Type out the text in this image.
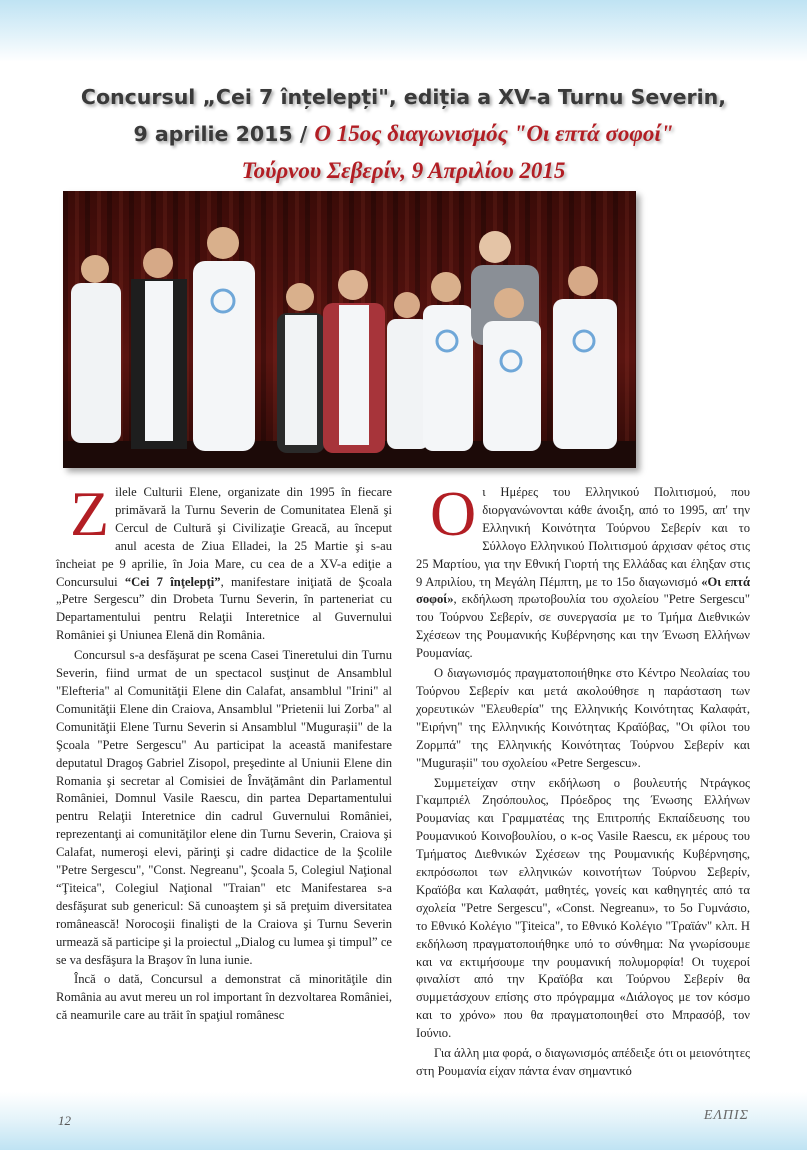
Concursul „Cei 7 înțelepți", ediția a XV-a Turnu Severin,
9 aprilie 2015 / Ο 15ος διαγωνισμός "Οι επτά σοφοί"
Τούρνου Σεβερίν, 9 Απριλίου 2015

Zilele Culturii Elene, organizate din 1995 în fiecare primăvară la Turnu Severin de Comunitatea Elenă şi Cercul de Cultură şi Civilizaţie Greacă, au început anul acesta de Ziua Elladei, la 25 Martie şi s-au încheiat pe 9 aprilie, în Joia Mare, cu cea de a XV-a ediţie a Concursului “Cei 7 înţelepţi”, manifestare iniţiată de Şcoala „Petre Sergescu” din Drobeta Turnu Severin, în parteneriat cu Departamentului pentru Relaţii Interetnice al Guvernului României şi Uniunea Elenă din România.

Concursul s-a desfăşurat pe scena Casei Tineretului din Turnu Severin, fiind urmat de un spectacol susţinut de Ansamblul "Elefteria" al Comunităţii Elene din Calafat, ansamblul "Irini" al Comunităţii Elene din Craiova, Ansamblul "Prietenii lui Zorba" al Comunităţii Elene Turnu Severin si Ansamblul "Mugurașii" de la Şcoala "Petre Sergescu" Au participat la această manifestare deputatul Dragoş Gabriel Zisopol, preşedinte al Uniunii Elene din Romania şi secretar al Comisiei de Învăţământ din Parlamentul României, Domnul Vasile Raescu, din partea Departamentului pentru Relaţii Interetnice din cadrul Guvernului României, reprezentanţi ai comunităţilor elene din Turnu Severin, Craiova şi Calafat, numeroşi elevi, părinţi şi cadre didactice de la Şcolile "Petre Sergescu", "Const. Negreanu", Şcoala 5, Colegiul Naţional “Ţiteica", Colegiul Naţional "Traian" etc Manifestarea s-a desfăşurat sub genericul: Să cunoaştem şi să preţuim diversitatea românească! Norocoşii finalişti de la Craiova şi Turnu Severin urmează să participe şi la proiectul „Dialog cu lumea şi timpul” ce se va desfăşura la Braşov în luna iunie.

Încă o dată, Concursul a demonstrat că minorităţile din România au avut mereu un rol important în dezvoltarea României, că neamurile care au trăit în spaţiul românesc

Oι Ημέρες του Ελληνικού Πολιτισμού, που διοργανώνονται κάθε άνοιξη, από το 1995, απ' την Ελληνική Κοινότητα Τούρνου Σεβερίν και το Σύλλογο Ελληνικού Πολιτισμού άρχισαν φέτος στις 25 Μαρτίου, για την Εθνική Γιορτή της Ελλάδας και έληξαν στις 9 Απριλίου, τη Μεγάλη Πέμπτη, με το 15ο διαγωνισμό «Οι επτά σοφοί», εκδήλωση πρωτοβουλία του σχολείου "Petre Sergescu" του Τούρνου Σεβερίν, σε συνεργασία με το Τμήμα Διεθνικών Σχέσεων της Ρουμανικής Κυβέρνησης και την Ένωση Ελλήνων Ρουμανίας.

Ο διαγωνισμός πραγματοποιήθηκε στο Κέντρο Νεολαίας του Τούρνου Σεβερίν και μετά ακολούθησε η παράσταση των χορευτικών "Ελευθερία" της Ελληνικής Κοινότητας Καλαφάτ, "Ειρήνη" της Ελληνικής Κοινότητας Κραϊόβας, "Οι φίλοι του Ζορμπά" της Ελληνικής Κοινότητας Τούρνου Σεβερίν και "Mugurașii" του σχολείου «Petre Sergescu».

Συμμετείχαν στην εκδήλωση ο βουλευτής Ντράγκος Γκαμπριέλ Ζησόπουλος, Πρόεδρος της Ένωσης Ελλήνων Ρουμανίας και Γραμματέας της Επιτροπής Εκπαίδευσης του Ρουμανικού Κοινοβουλίου, ο κ-ος Vasile Raescu, εκ μέρους του Τμήματος Διεθνικών Σχέσεων της Ρουμανικής Κυβέρνησης, εκπρόσωποι των ελληνικών κοινοτήτων Τούρνου Σεβερίν, Κραϊόβα και Καλαφάτ, μαθητές, γονείς και καθηγητές από τα σχολεία "Petre Sergescu", «Const. Negreanu», το 5ο Γυμνάσιο, το Εθνικό Κολέγιο "Ţiteica", το Εθνικό Κολέγιο "Τραϊάν" κλπ. Η εκδήλωση πραγματοποιήθηκε υπό το σύνθημα: Να γνωρίσουμε και να εκτιμήσουμε την ρουμανική πολυμορφία! Οι τυχεροί φιναλίστ από την Κραϊόβα και Τούρνου Σεβερίν θα συμμετάσχουν επίσης στο πρόγραμμα «Διάλογος με τον κόσμο και το χρόνο» που θα πραγματοποιηθεί στο Μπρασόβ, τον Ιούνιο.

Για άλλη μια φορά, ο διαγωνισμός απέδειξε ότι οι μειονότητες στη Ρουμανία είχαν πάντα έναν σημαντικό

12	ΕΛΠΙΣ
